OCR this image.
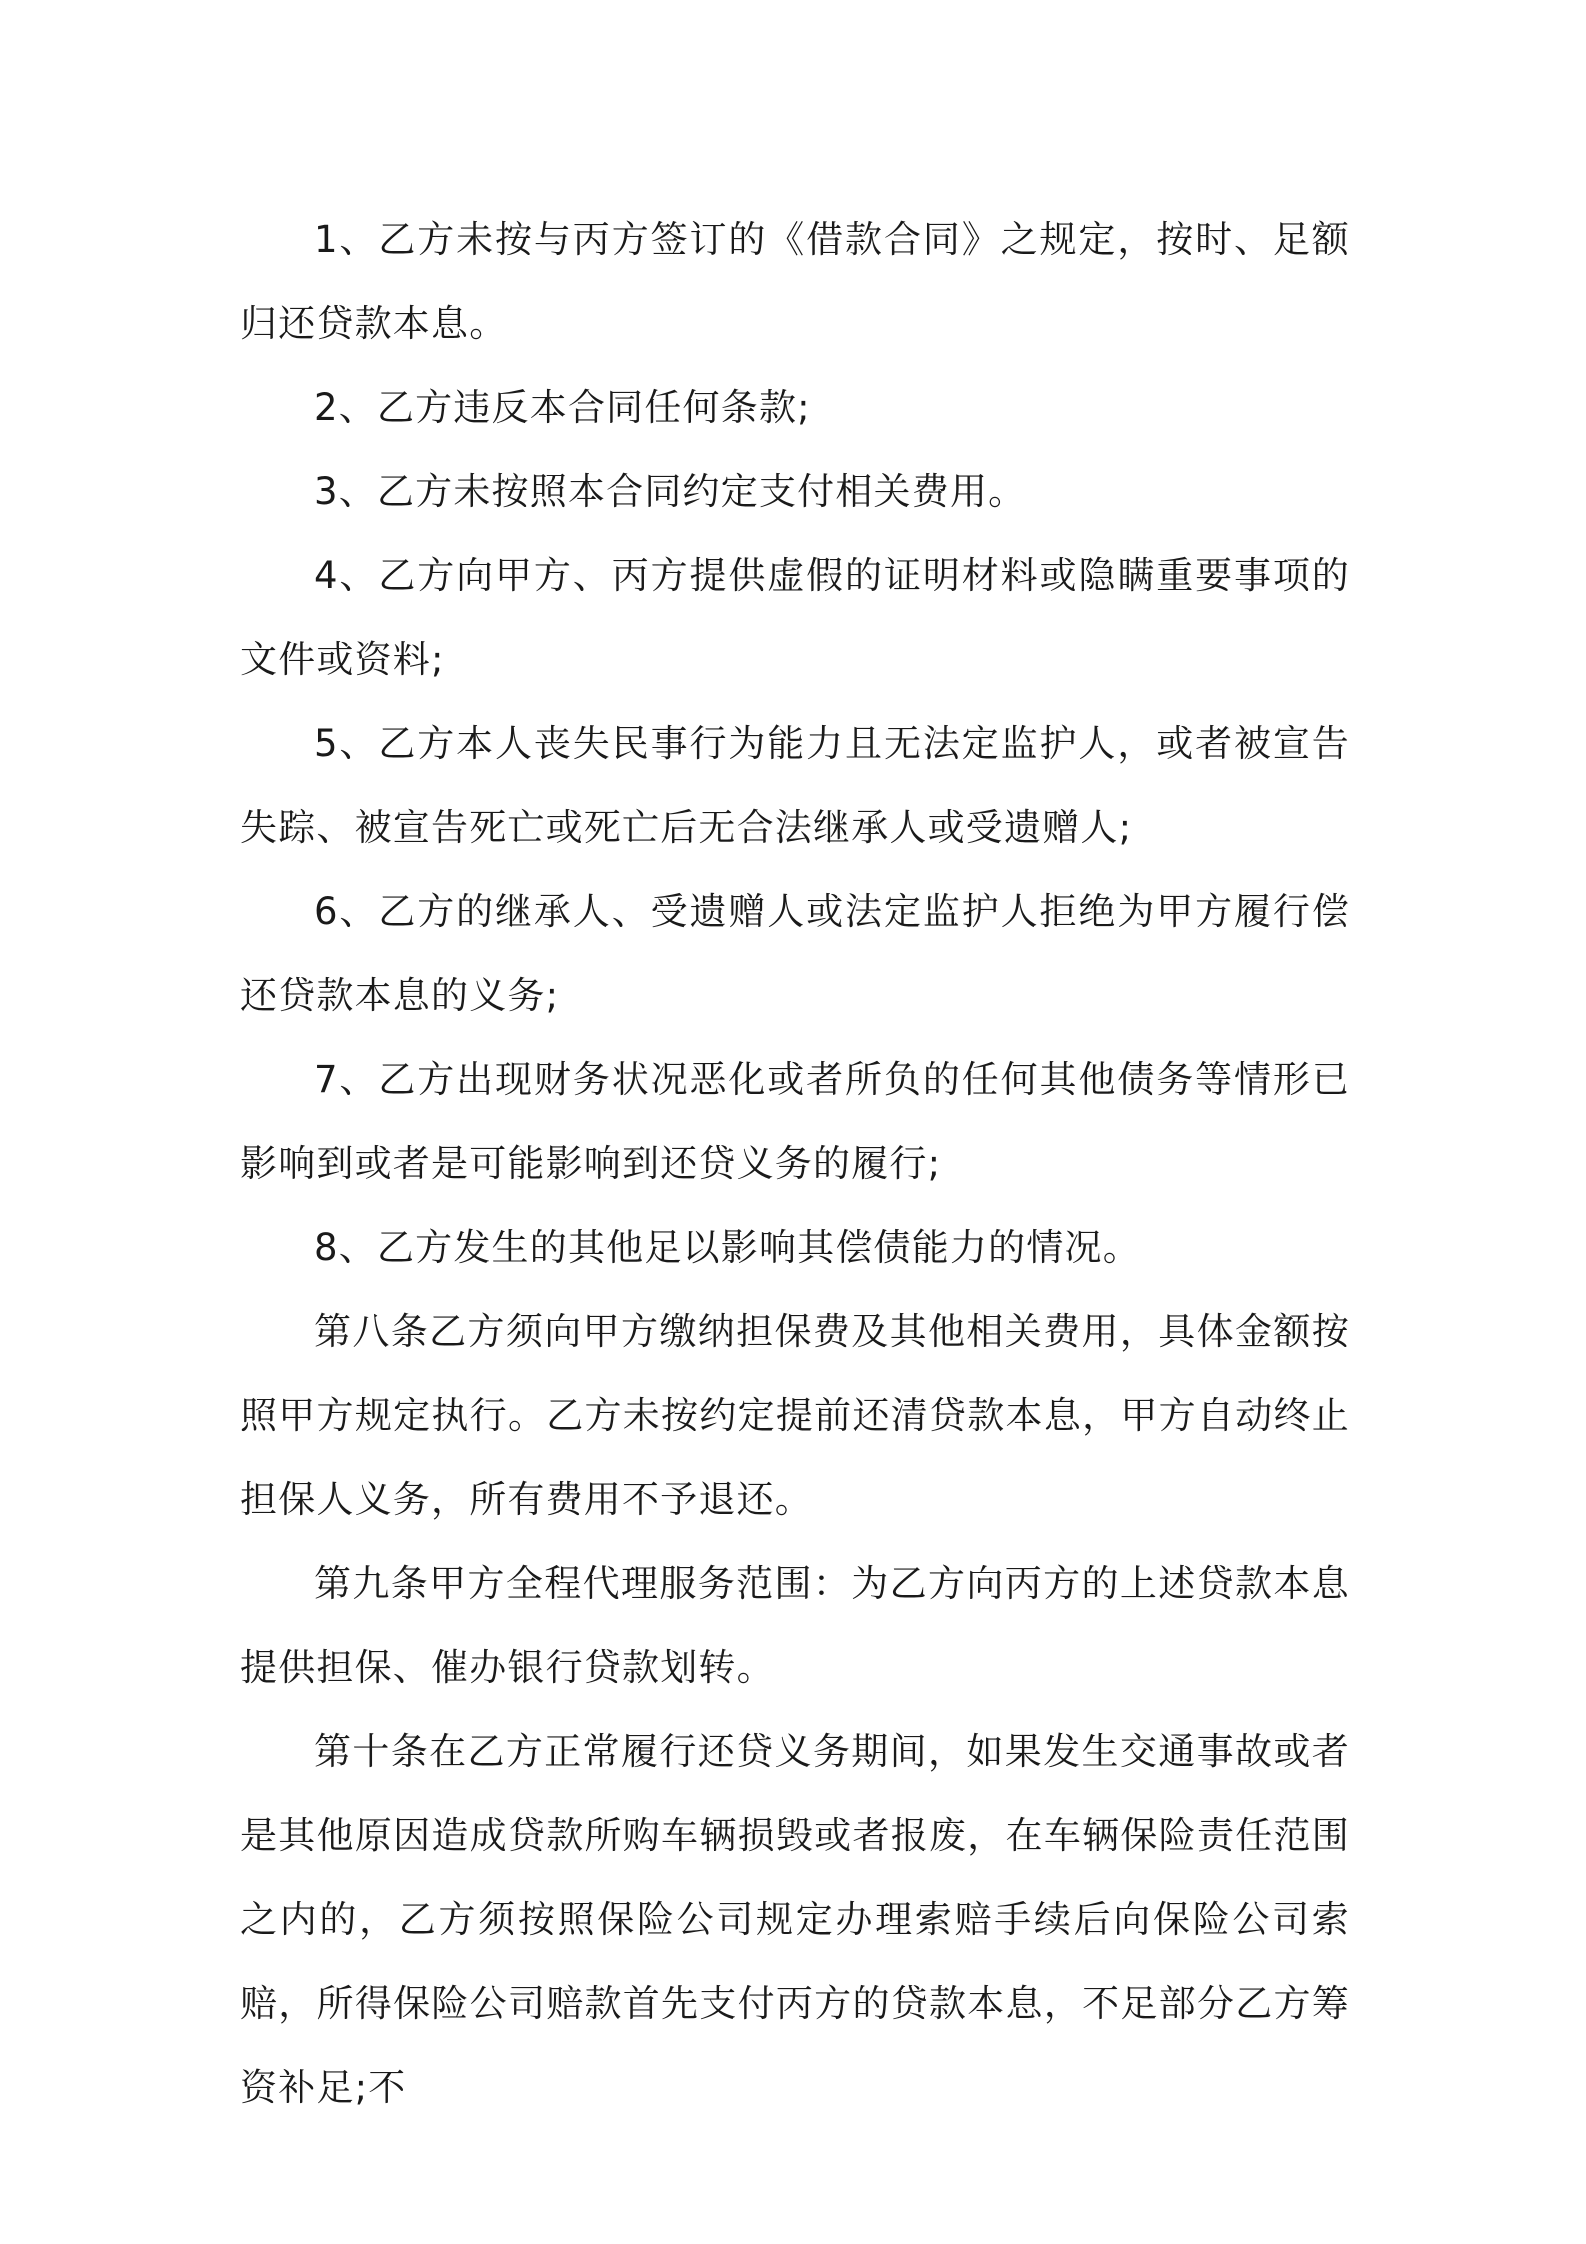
1、乙方未按与丙方签订的《借款合同》之规定，按时、足额归还贷款本息。

2、乙方违反本合同任何条款;

3、乙方未按照本合同约定支付相关费用。

4、乙方向甲方、丙方提供虚假的证明材料或隐瞒重要事项的文件或资料;

5、乙方本人丧失民事行为能力且无法定监护人，或者被宣告失踪、被宣告死亡或死亡后无合法继承人或受遗赠人;

6、乙方的继承人、受遗赠人或法定监护人拒绝为甲方履行偿还贷款本息的义务;

7、乙方出现财务状况恶化或者所负的任何其他债务等情形已影响到或者是可能影响到还贷义务的履行;

8、乙方发生的其他足以影响其偿债能力的情况。

第八条乙方须向甲方缴纳担保费及其他相关费用，具体金额按照甲方规定执行。乙方未按约定提前还清贷款本息，甲方自动终止担保人义务，所有费用不予退还。

第九条甲方全程代理服务范围：为乙方向丙方的上述贷款本息提供担保、催办银行贷款划转。

第十条在乙方正常履行还贷义务期间，如果发生交通事故或者是其他原因造成贷款所购车辆损毁或者报废，在车辆保险责任范围之内的，乙方须按照保险公司规定办理索赔手续后向保险公司索赔，所得保险公司赔款首先支付丙方的贷款本息，不足部分乙方筹资补足;不
